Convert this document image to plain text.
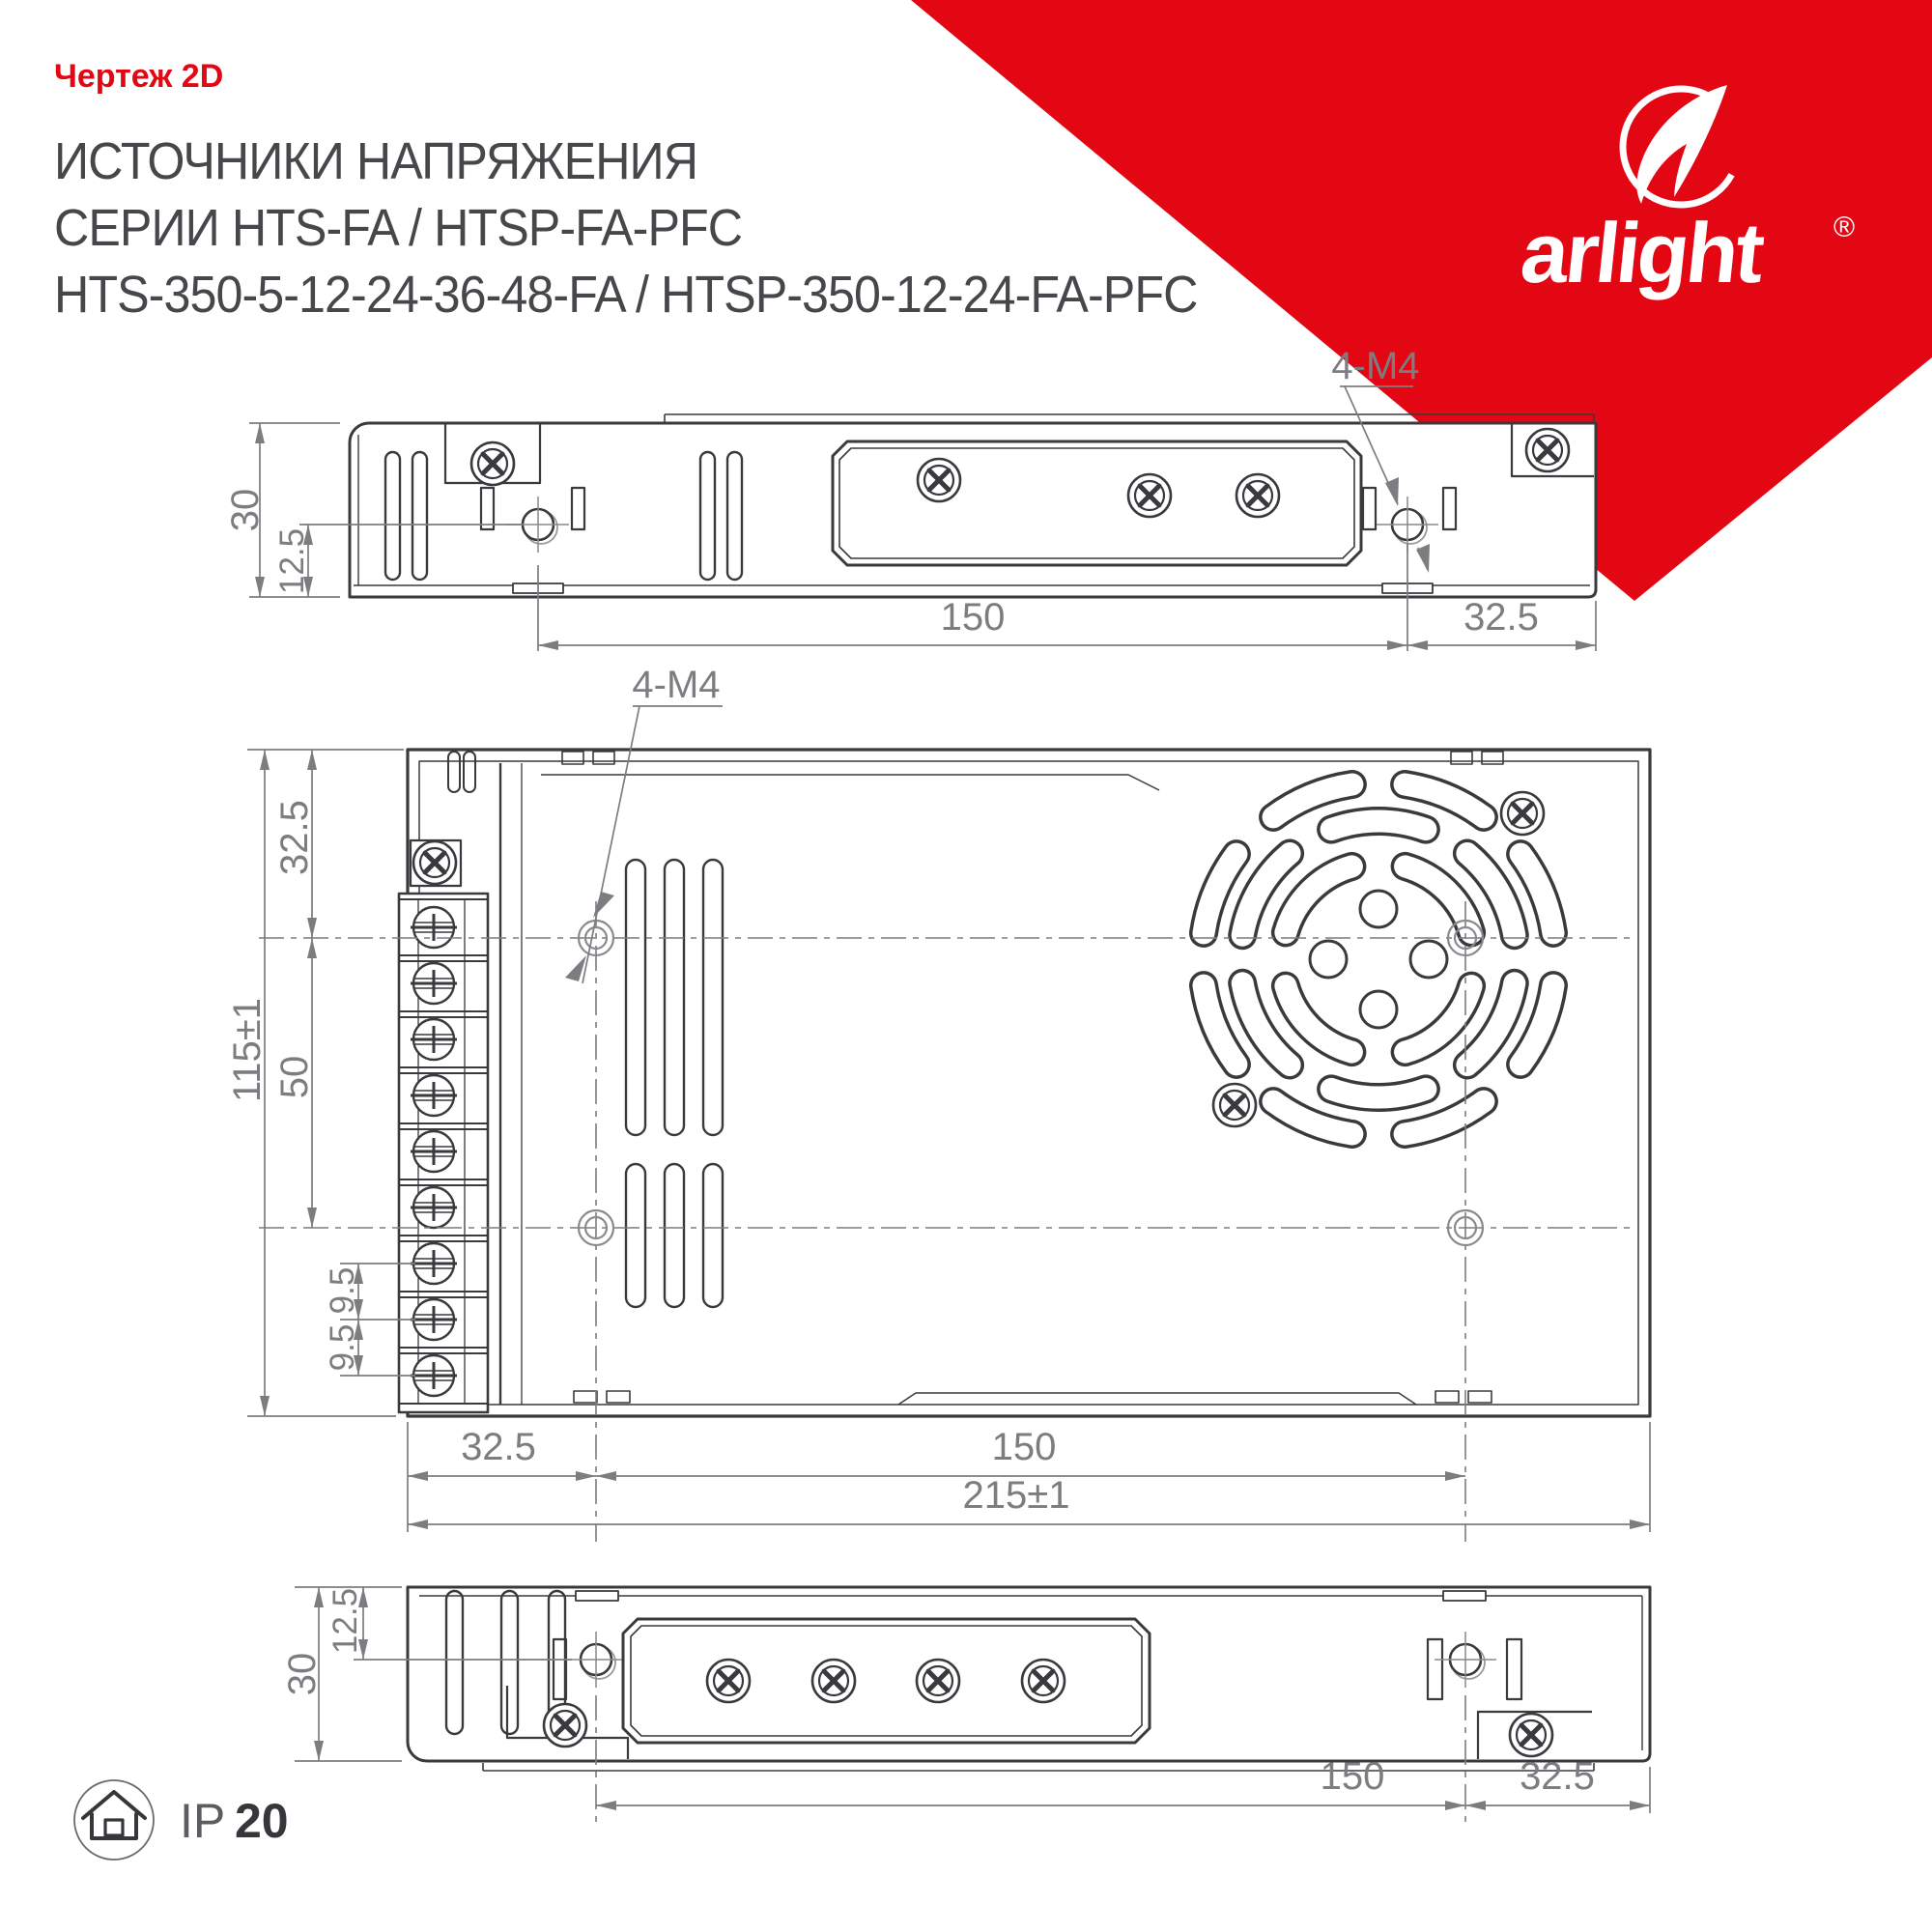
Чертеж 2D
ИСТОЧНИКИ НАПРЯЖЕНИЯ
СЕРИИ HTS-FA / HTSP-FA-PFC
HTS-350-5-12-24-36-48-FA / HTSP-350-12-24-FA-PFC	arlight ®
30
12.5
150	32.5
4-M4
4-M4
115±1
32.5
50
9.5
9.5
32.5	150
215±1
30
12.5
150	32.5
IP 20
